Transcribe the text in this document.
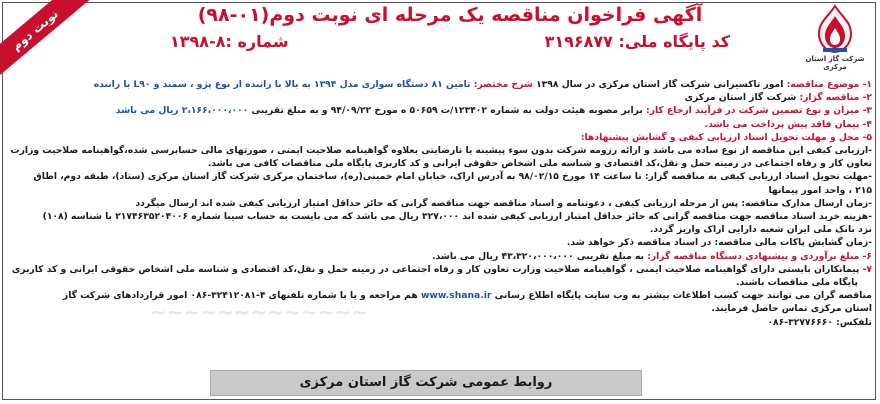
نوبت دوم
∼∼∼∼∼∼∼∼∼∼∼∼∼
شرکت گاز استان مرکزی
آگهی فراخوان مناقصه یک مرحله ای نوبت دوم(۰۱-۹۸)
کد پایگاه ملی: ۳۱۹۶۸۷۷
شماره :۸-۱۳۹۸
۱- موضوع مناقصه: امور تاکسیرانی شرکت گاز استان مرکزی در سال ۱۳۹۸ شرح مختصر: تامین ۸۱ دستگاه سواری مدل ۱۳۹۴ به بالا با راننده از نوع پژو ، سمند و L۹۰ با راننده
۲- مناقصه گزار: شرکت گاز استان مرکزی
۳- میزان و نوع تضمین شرکت در فرآیند ارجاع کار: برابر مصوبه هیئت دولت به شماره ۱۲۳۴۰۲/ت ۵۰۶۵۹ ه مورخ ۹۴/۰۹/۲۲ و به مبلغ تقریبی ۲،۱۶۶،۰۰۰،۰۰۰ ریال می باشد
۴- پیمان فاقد پیش پرداخت می باشد.
۵- محل و مهلت تحویل اسناد ارزیابی کیفی و گشایش پیشنهادها:
-ارزیابی کیفی این مناقصه از نوع ساده می باشد و ارائه رزومه شرکت بدون سوء پیشینه یا نارضایتی بعلاوه گواهینامه صلاحیت ایمنی ، صورتهای مالی حسابرسی شده،گواهینامه صلاحیت وزارت
تعاون کار و رفاه اجتماعی در زمینه حمل و نقل،کد اقتصادی و شناسه ملی اشخاص حقوقی ایرانی و کد کاربری پایگاه ملی مناقصات کافی می باشد.
-مهلت تحویل اسناد ارزیابی کیفی به مناقصه گزار: تا ساعت ۱۴ مورخ ۹۸/۰۲/۱۵ به آدرس اراک، خیابان امام خمینی(ره)، ساختمان مرکزی شرکت گاز استان مرکزی (ستاد)، طبقه دوم، اطاق
۲۱۵ ، واحد امور پیمانها
-زمان ارسال مدارک مناقصه: پس از مرحله ارزیابی کیفی ، دعوتنامه و اسناد مناقصه جهت مناقصه گرانی که حائز حداقل امتیاز ارزیابی کیفی شده اند ارسال میگردد
-هزینه خرید اسناد مناقصه جهت مناقصه گرانی که حائز حداقل امتیاز ارزیابی کیفی شده اند ۳۲۷،۰۰۰ ریال می باشد که می بایست به حساب سیبا شماره ۲۱۷۴۶۳۵۲۰۴۰۰۶ با شناسه (۱۰۸)
نزد بانک ملی ایران شعبه دارایی اراک واریز گردد.
-زمان گشایش پاکات مالی مناقصه: در اسناد مناقصه ذکر خواهد شد.
۶- مبلغ برآوردی و پیشنهادی دستگاه مناقصه گزار: به مبلغ تقریبی ۴۳،۳۲۰،۰۰۰،۰۰۰ ریال می باشد.
۷- پیمانکاران بایستی دارای گواهینامه صلاحیت ایمنی ، گواهینامه صلاحیت وزارت تعاون کار و رفاه اجتماعی در زمینه حمل و نقل،کد اقتصادی و شناسه ملی اشخاص حقوقی ایرانی و کد کاربری
پایگاه ملی مناقصات باشند.
مناقصه گران می توانند جهت کسب اطلاعات بیشتر به وب سایت پایگاه اطلاع رسانی www.shana.ir هم مراجعه و یا با شماره تلفنهای ۴-۳۲۴۱۲۰۸۱-۰۸۶ امور قراردادهای شرکت گاز
استان مرکزی تماس حاصل فرمایند.
تلفکس: ۳۲۷۷۶۶۶۰-۰۸۶
روابط عمومی شرکت گاز استان مرکزی
